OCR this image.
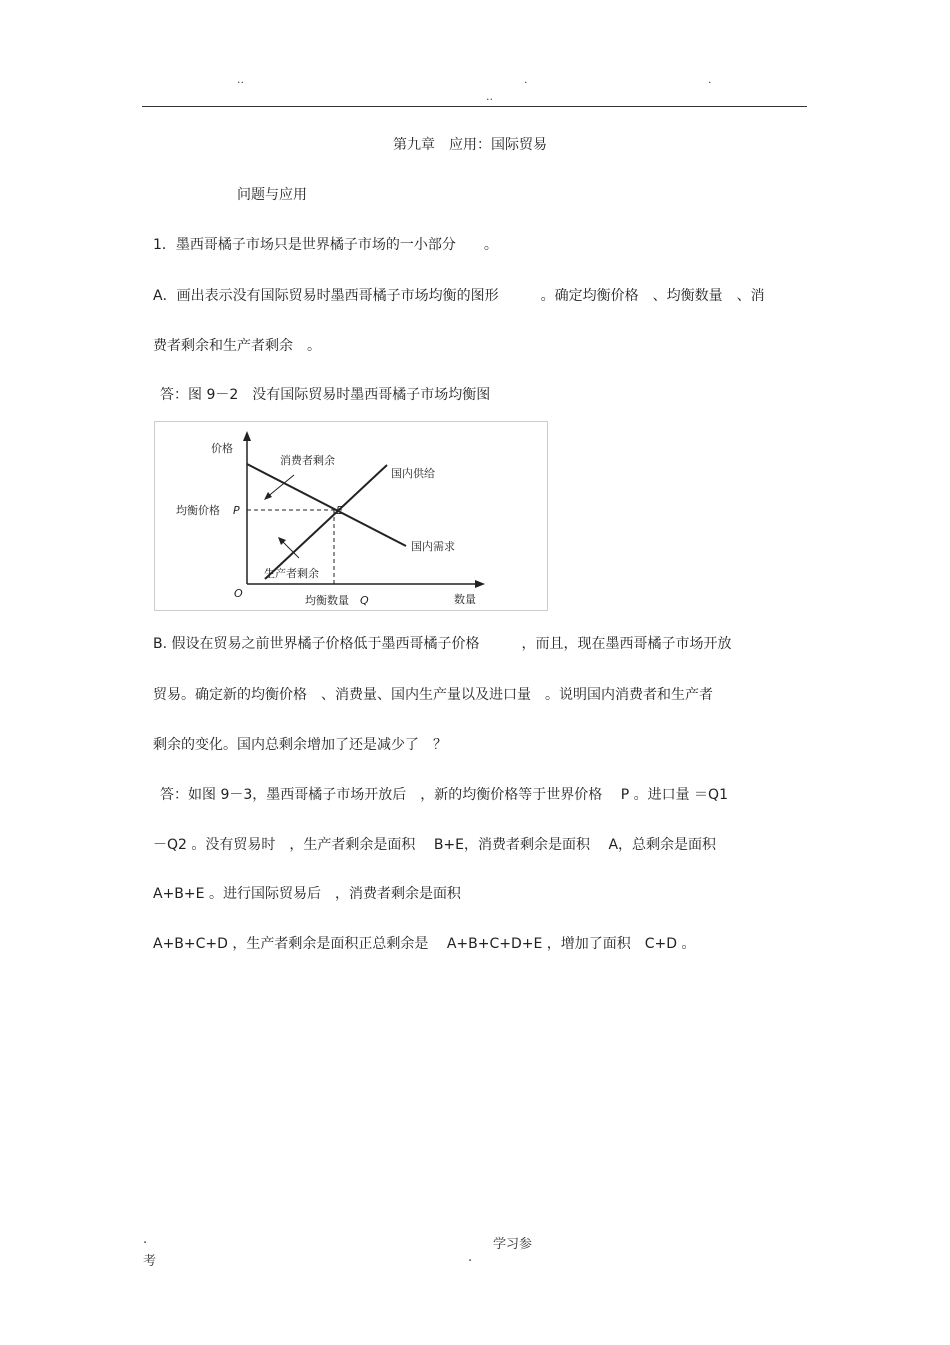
..	.	.
..
第九章　应用：国际贸易
问题与应用
1．墨西哥橘子市场只是世界橘子市场的一小部分　　。
A．画出表示没有国际贸易时墨西哥橘子市场均衡的图形　　　。确定均衡价格　、均衡数量　、消
费者剩余和生产者剩余　。
答：图 9－2　没有国际贸易时墨西哥橘子市场均衡图
价格
数量
O
均衡价格 P
均衡数量 Q
E
消费者剩余
生产者剩余
国内供给
国内需求
B. 假设在贸易之前世界橘子价格低于墨西哥橘子价格　　　，而且，现在墨西哥橘子市场开放
贸易。确定新的均衡价格　、消费量、国内生产量以及进口量　。说明国内消费者和生产者
剩余的变化。国内总剩余增加了还是减少了　？
答：如图 9－3，墨西哥橘子市场开放后　，新的均衡价格等于世界价格　 P 。进口量 ＝Q1
－Q2 。没有贸易时　，生产者剩余是面积　 B+E，消费者剩余是面积　 A，总剩余是面积
A+B+E 。进行国际贸易后　，消费者剩余是面积
A+B+C+D ，生产者剩余是面积正总剩余是　 A+B+C+D+E ，增加了面积　C+D 。
.	学习参
考	.
